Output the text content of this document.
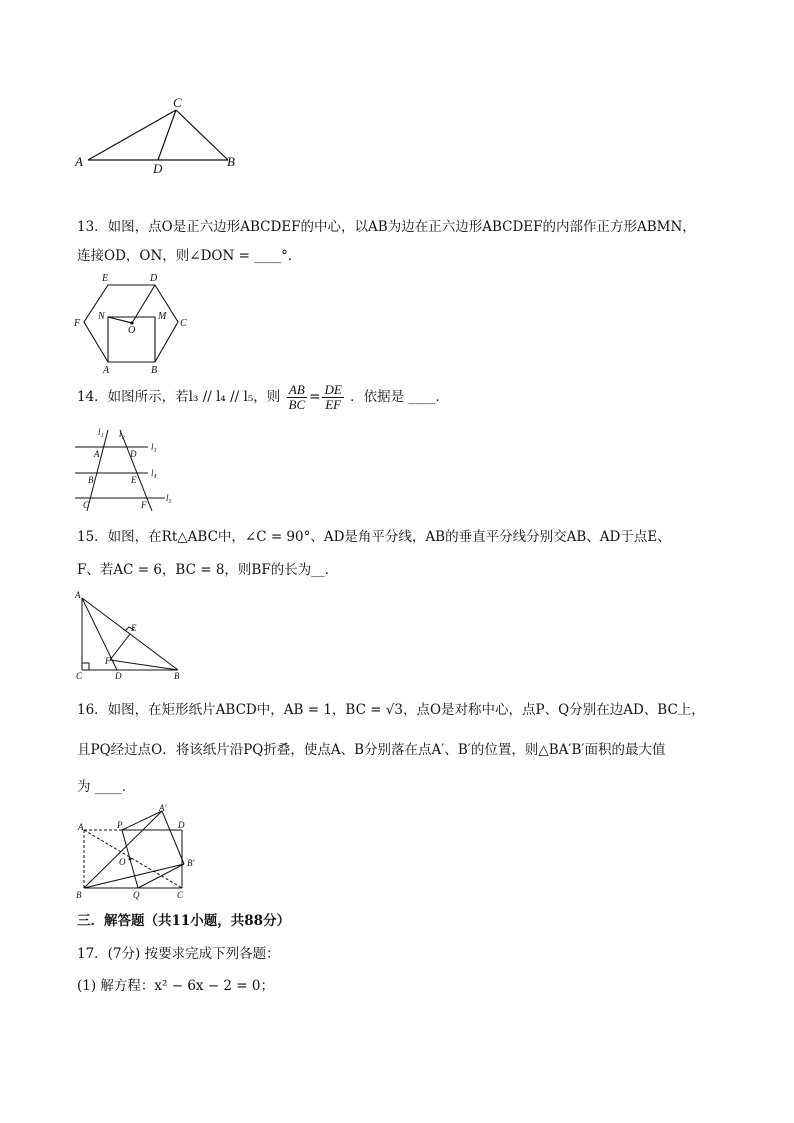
C
A	D	B
13．如图，点O是正六边形ABCDEF的中心，以AB为边在正六边形ABCDEF的内部作正方形ABMN，
连接OD，ON，则∠DON = ____°．
E	D
F	C
N	M
O
A	B
14．如图所示，若l₃ // l₄ // l₅，则 $\frac{AB}{BC} = \frac{DE}{EF}$ ．依据是 ____．
l₁ l₂
l₃
l₄
l₅
A	D
B	E
C	F
15．如图，在Rt△ABC中，∠C = 90°、AD是角平分线，AB的垂直平分线分别交AB、AD于点E、
F、若AC = 6，BC = 8，则BF的长为__．
A
E
F
C	D	B
16．如图，在矩形纸片ABCD中，AB = 1，BC = √3，点O是对称中心，点P、Q分别在边AD、BC上，
且PQ经过点O．将该纸片沿PQ折叠，使点A、B分别落在点A′、B′的位置，则△BA′B′面积的最大值
为 ____．
A′
A	P	D
O	B′
B	Q	C
三．解答题（共11小题，共88分）
17．(7分) 按要求完成下列各题：
(1) 解方程：x² − 6x − 2 = 0；
